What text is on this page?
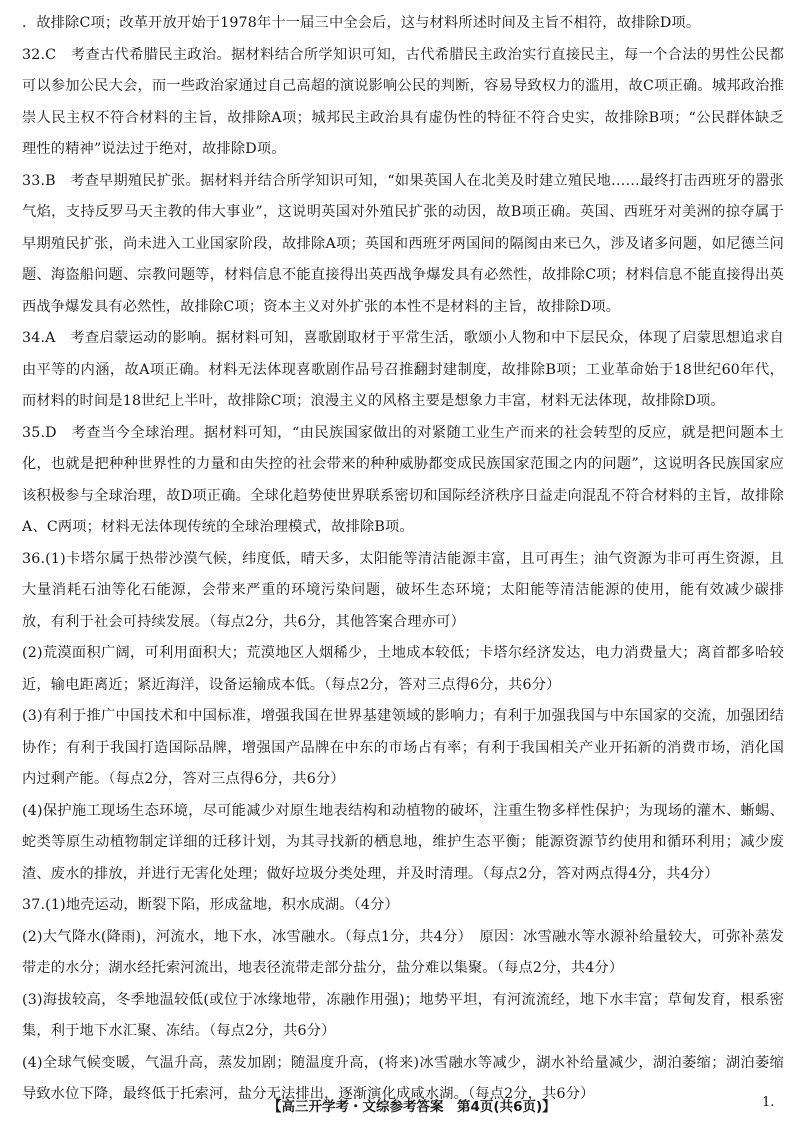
．故排除C项；改革开放开始于1978年十一届三中全会后，这与材料所述时间及主旨不相符，故排除D项。

32.C　考查古代希腊民主政治。据材料结合所学知识可知，古代希腊民主政治实行直接民主，每一个合法的男性公民都可以参加公民大会，而一些政治家通过自己高超的演说影响公民的判断，容易导致权力的滥用，故C项正确。城邦政治推崇人民主权不符合材料的主旨，故排除A项；城邦民主政治具有虚伪性的特征不符合史实，故排除B项；“公民群体缺乏理性的精神”说法过于绝对，故排除D项。

33.B　考查早期殖民扩张。据材料并结合所学知识可知，“如果英国人在北美及时建立殖民地……最终打击西班牙的嚣张气焰，支持反罗马天主教的伟大事业”，这说明英国对外殖民扩张的动因，故B项正确。英国、西班牙对美洲的掠夺属于早期殖民扩张，尚未进入工业国家阶段，故排除A项；英国和西班牙两国间的隔阂由来已久，涉及诸多问题，如尼德兰问题、海盗船问题、宗教问题等，材料信息不能直接得出英西战争爆发具有必然性，故排除C项；材料信息不能直接得出英西战争爆发具有必然性，故排除C项；资本主义对外扩张的本性不是材料的主旨，故排除D项。

34.A　考查启蒙运动的影响。据材料可知，喜歌剧取材于平常生活，歌颂小人物和中下层民众，体现了启蒙思想追求自由平等的内涵，故A项正确。材料无法体现喜歌剧作品号召推翻封建制度，故排除B项；工业革命始于18世纪60年代，而材料的时间是18世纪上半叶，故排除C项；浪漫主义的风格主要是想象力丰富，材料无法体现，故排除D项。

35.D　考查当今全球治理。据材料可知，“由民族国家做出的对紧随工业生产而来的社会转型的反应，就是把问题本土化，也就是把种种世界性的力量和由失控的社会带来的种种威胁都变成民族国家范围之内的问题”，这说明各民族国家应该积极参与全球治理，故D项正确。全球化趋势使世界联系密切和国际经济秩序日益走向混乱不符合材料的主旨，故排除A、C两项；材料无法体现传统的全球治理模式，故排除B项。

36.(1)卡塔尔属于热带沙漠气候，纬度低，晴天多，太阳能等清洁能源丰富，且可再生；油气资源为非可再生资源，且大量消耗石油等化石能源，会带来严重的环境污染问题，破坏生态环境；太阳能等清洁能源的使用，能有效减少碳排放，有利于社会可持续发展。（每点2分，共6分，其他答案合理亦可）

(2)荒漠面积广阔，可利用面积大；荒漠地区人烟稀少，土地成本较低；卡塔尔经济发达，电力消费量大；离首都多哈较近，输电距离近；紧近海洋，设备运输成本低。（每点2分，答对三点得6分，共6分）

(3)有利于推广中国技术和中国标准，增强我国在世界基建领域的影响力；有利于加强我国与中东国家的交流，加强团结协作；有利于我国打造国际品牌，增强国产品牌在中东的市场占有率；有利于我国相关产业开拓新的消费市场，消化国内过剩产能。（每点2分，答对三点得6分，共6分）

(4)保护施工现场生态环境，尽可能减少对原生地表结构和动植物的破坏，注重生物多样性保护；为现场的灌木、蜥蜴、蛇类等原生动植物制定详细的迁移计划，为其寻找新的栖息地，维护生态平衡；能源资源节约使用和循环利用；减少废渣、废水的排放，并进行无害化处理；做好垃圾分类处理，并及时清理。（每点2分，答对两点得4分，共4分）

37.(1)地壳运动，断裂下陷，形成盆地，积水成湖。（4分）

(2)大气降水(降雨)，河流水，地下水，冰雪融水。（每点1分，共4分）　原因：冰雪融水等水源补给量较大，可弥补蒸发带走的水分；湖水经托索河流出，地表径流带走部分盐分，盐分难以集聚。（每点2分，共4分）

(3)海拔较高，冬季地温较低(或位于冰缘地带，冻融作用强)；地势平坦，有河流流经，地下水丰富；草甸发育，根系密集，利于地下水汇聚、冻结。（每点2分，共6分）

(4)全球气候变暖，气温升高，蒸发加剧；随温度升高，(将来)冰雪融水等减少，湖水补给量减少，湖泊萎缩；湖泊萎缩导致水位下降，最终低于托索河，盐分无法排出，逐渐演化成咸水湖。（每点2分，共6分）

【高三开学考・文综参考答案　第4页(共6页)】	1.
